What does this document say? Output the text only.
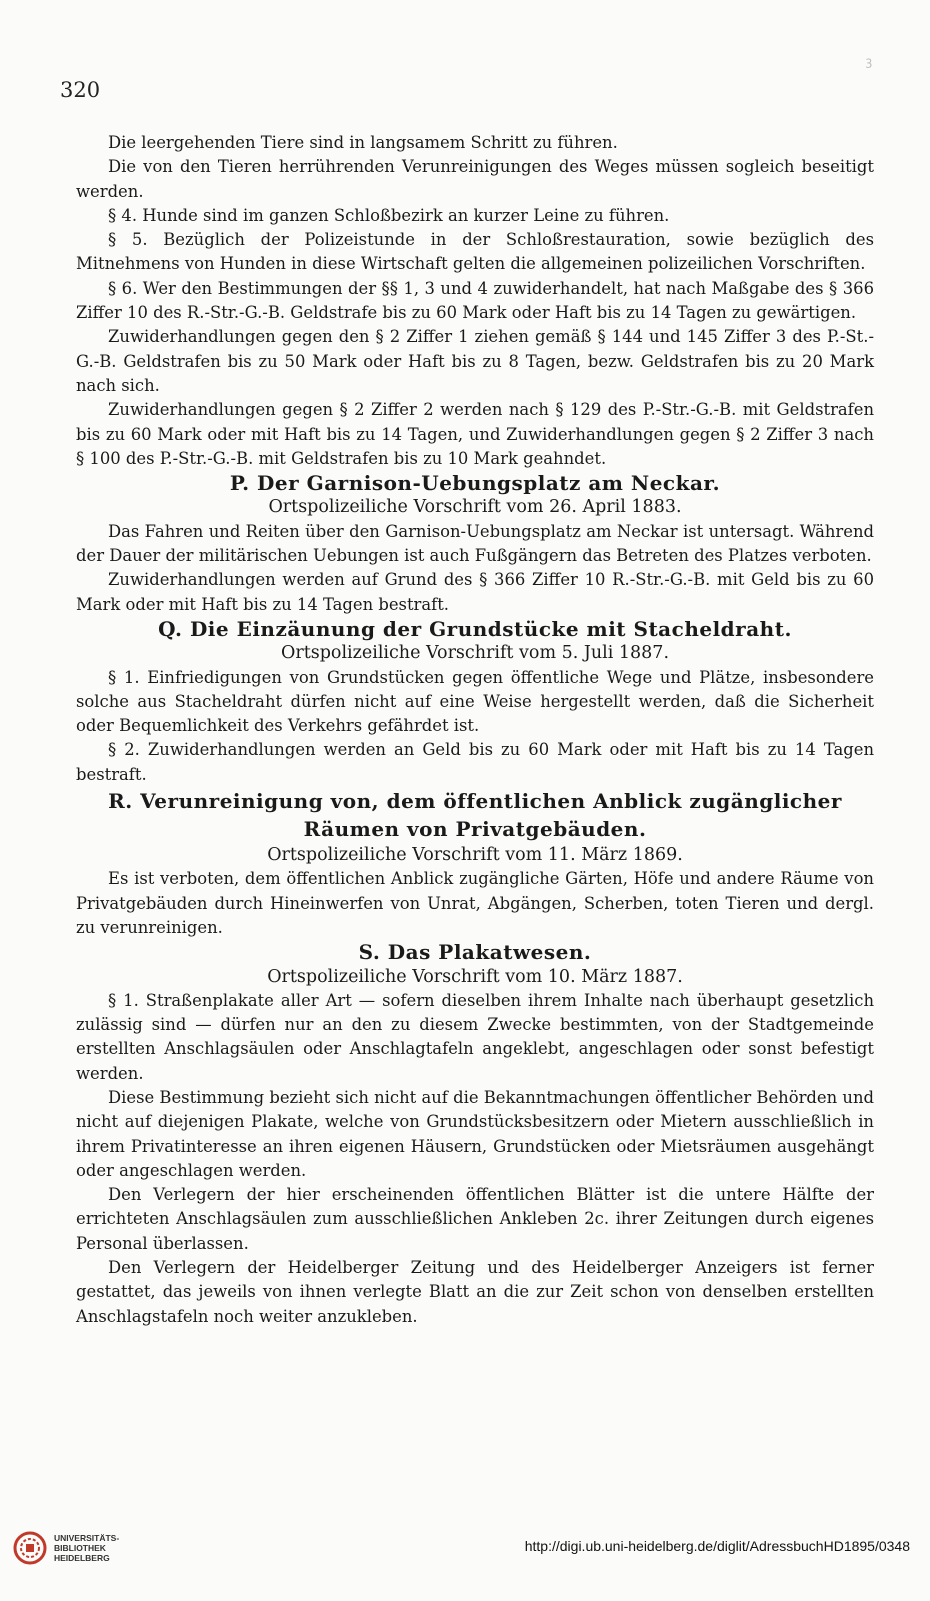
ꝫ
320

Die leergehenden Tiere sind in langsamem Schritt zu führen.

Die von den Tieren herrührenden Verunreinigungen des Weges müssen sogleich beseitigt werden.

§ 4. Hunde sind im ganzen Schloßbezirk an kurzer Leine zu führen.

§ 5. Bezüglich der Polizeistunde in der Schloßrestauration, sowie bezüglich des Mitnehmens von Hunden in diese Wirtschaft gelten die allgemeinen polizeilichen Vorschriften.

§ 6. Wer den Bestimmungen der §§ 1, 3 und 4 zuwiderhandelt, hat nach Maßgabe des § 366 Ziffer 10 des R.-Str.-G.-B. Geldstrafe bis zu 60 Mark oder Haft bis zu 14 Tagen zu gewärtigen.

Zuwiderhandlungen gegen den § 2 Ziffer 1 ziehen gemäß § 144 und 145 Ziffer 3 des P.-St.-G.-B. Geldstrafen bis zu 50 Mark oder Haft bis zu 8 Tagen, bezw. Geldstrafen bis zu 20 Mark nach sich.

Zuwiderhandlungen gegen § 2 Ziffer 2 werden nach § 129 des P.-Str.-G.-B. mit Geldstrafen bis zu 60 Mark oder mit Haft bis zu 14 Tagen, und Zuwiderhandlungen gegen § 2 Ziffer 3 nach § 100 des P.-Str.-G.-B. mit Geldstrafen bis zu 10 Mark geahndet.

P. Der Garnison-Uebungsplatz am Neckar.

Ortspolizeiliche Vorschrift vom 26. April 1883.

Das Fahren und Reiten über den Garnison-Uebungsplatz am Neckar ist untersagt. Während der Dauer der militärischen Uebungen ist auch Fußgängern das Betreten des Platzes verboten.

Zuwiderhandlungen werden auf Grund des § 366 Ziffer 10 R.-Str.-G.-B. mit Geld bis zu 60 Mark oder mit Haft bis zu 14 Tagen bestraft.

Q. Die Einzäunung der Grundstücke mit Stacheldraht.

Ortspolizeiliche Vorschrift vom 5. Juli 1887.

§ 1. Einfriedigungen von Grundstücken gegen öffentliche Wege und Plätze, insbesondere solche aus Stacheldraht dürfen nicht auf eine Weise hergestellt werden, daß die Sicherheit oder Bequemlichkeit des Verkehrs gefährdet ist.

§ 2. Zuwiderhandlungen werden an Geld bis zu 60 Mark oder mit Haft bis zu 14 Tagen bestraft.

R. Verunreinigung von, dem öffentlichen Anblick zugänglicher
Räumen von Privatgebäuden.

Ortspolizeiliche Vorschrift vom 11. März 1869.

Es ist verboten, dem öffentlichen Anblick zugängliche Gärten, Höfe und andere Räume von Privatgebäuden durch Hineinwerfen von Unrat, Abgängen, Scherben, toten Tieren und dergl. zu verunreinigen.

S. Das Plakatwesen.

Ortspolizeiliche Vorschrift vom 10. März 1887.

§ 1. Straßenplakate aller Art — sofern dieselben ihrem Inhalte nach überhaupt gesetzlich zulässig sind — dürfen nur an den zu diesem Zwecke bestimmten, von der Stadtgemeinde erstellten Anschlagsäulen oder Anschlagtafeln angeklebt, angeschlagen oder sonst befestigt werden.

Diese Bestimmung bezieht sich nicht auf die Bekanntmachungen öffentlicher Behörden und nicht auf diejenigen Plakate, welche von Grundstücksbesitzern oder Mietern ausschließlich in ihrem Privatinteresse an ihren eigenen Häusern, Grundstücken oder Mietsräumen ausgehängt oder angeschlagen werden.

Den Verlegern der hier erscheinenden öffentlichen Blätter ist die untere Hälfte der errichteten Anschlagsäulen zum ausschließlichen Ankleben 2c. ihrer Zeitungen durch eigenes Personal überlassen.

Den Verlegern der Heidelberger Zeitung und des Heidelberger Anzeigers ist ferner gestattet, das jeweils von ihnen verlegte Blatt an die zur Zeit schon von denselben erstellten Anschlagstafeln noch weiter anzukleben.

UNIVERSITÄTS-
BIBLIOTHEK
HEIDELBERG
http://digi.ub.uni-heidelberg.de/diglit/AdressbuchHD1895/0348
